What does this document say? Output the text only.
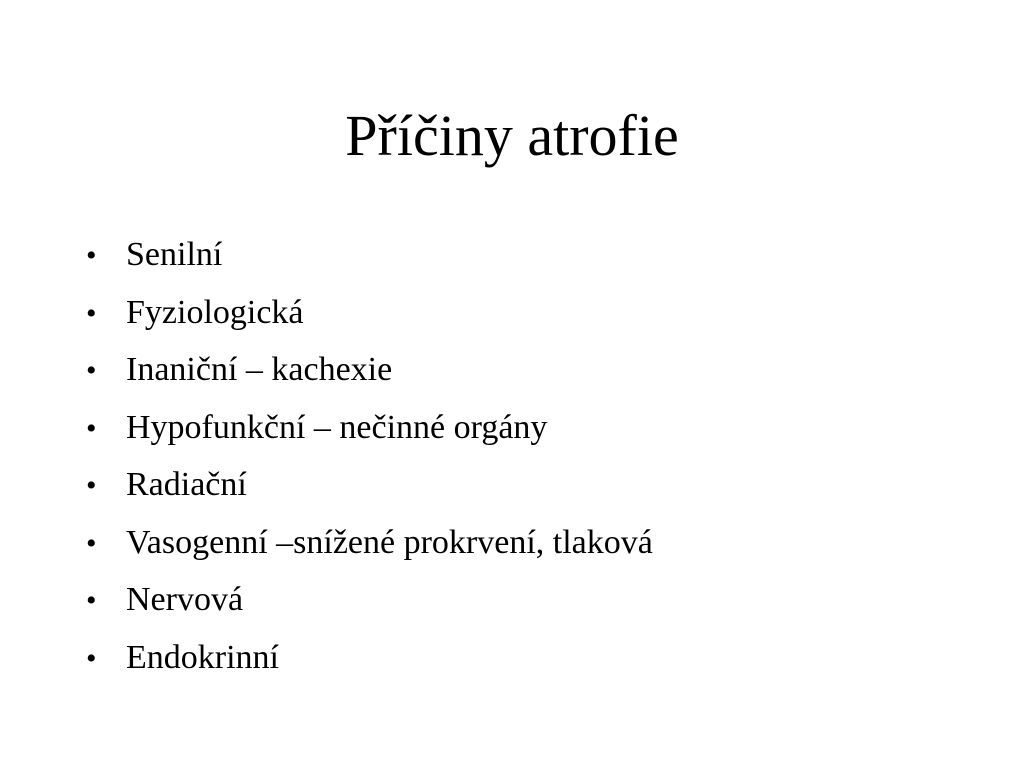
Příčiny atrofie
• Senilní
• Fyziologická
• Inaniční – kachexie
• Hypofunkční – nečinné orgány
• Radiační
• Vasogenní –snížené prokrvení, tlaková
• Nervová
• Endokrinní
